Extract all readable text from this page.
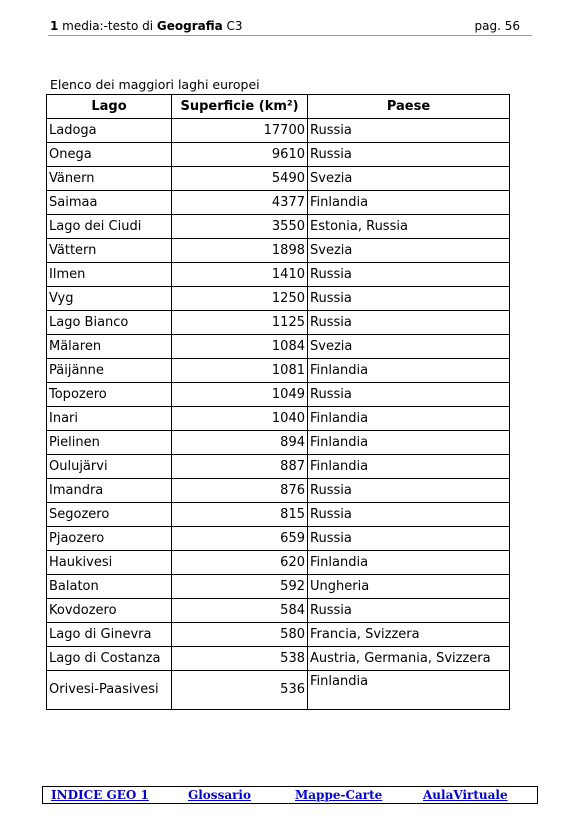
1 media:-testo di Geografia C3	pag. 56
Elenco dei maggiori laghi europei
Lago	Superficie (km²)	Paese
Ladoga	17700	Russia
Onega	9610	Russia
Vänern	5490	Svezia
Saimaa	4377	Finlandia
Lago dei Ciudi	3550	Estonia, Russia
Vättern	1898	Svezia
Ilmen	1410	Russia
Vyg	1250	Russia
Lago Bianco	1125	Russia
Mälaren	1084	Svezia
Päijänne	1081	Finlandia
Topozero	1049	Russia
Inari	1040	Finlandia
Pielinen	894	Finlandia
Oulujärvi	887	Finlandia
Imandra	876	Russia
Segozero	815	Russia
Pjaozero	659	Russia
Haukivesi	620	Finlandia
Balaton	592	Ungheria
Kovdozero	584	Russia
Lago di Ginevra	580	Francia, Svizzera
Lago di Costanza	538	Austria, Germania, Svizzera
Orivesi-Paasivesi	536	Finlandia
INDICE GEO 1	Glossario	Mappe-Carte	AulaVirtuale
